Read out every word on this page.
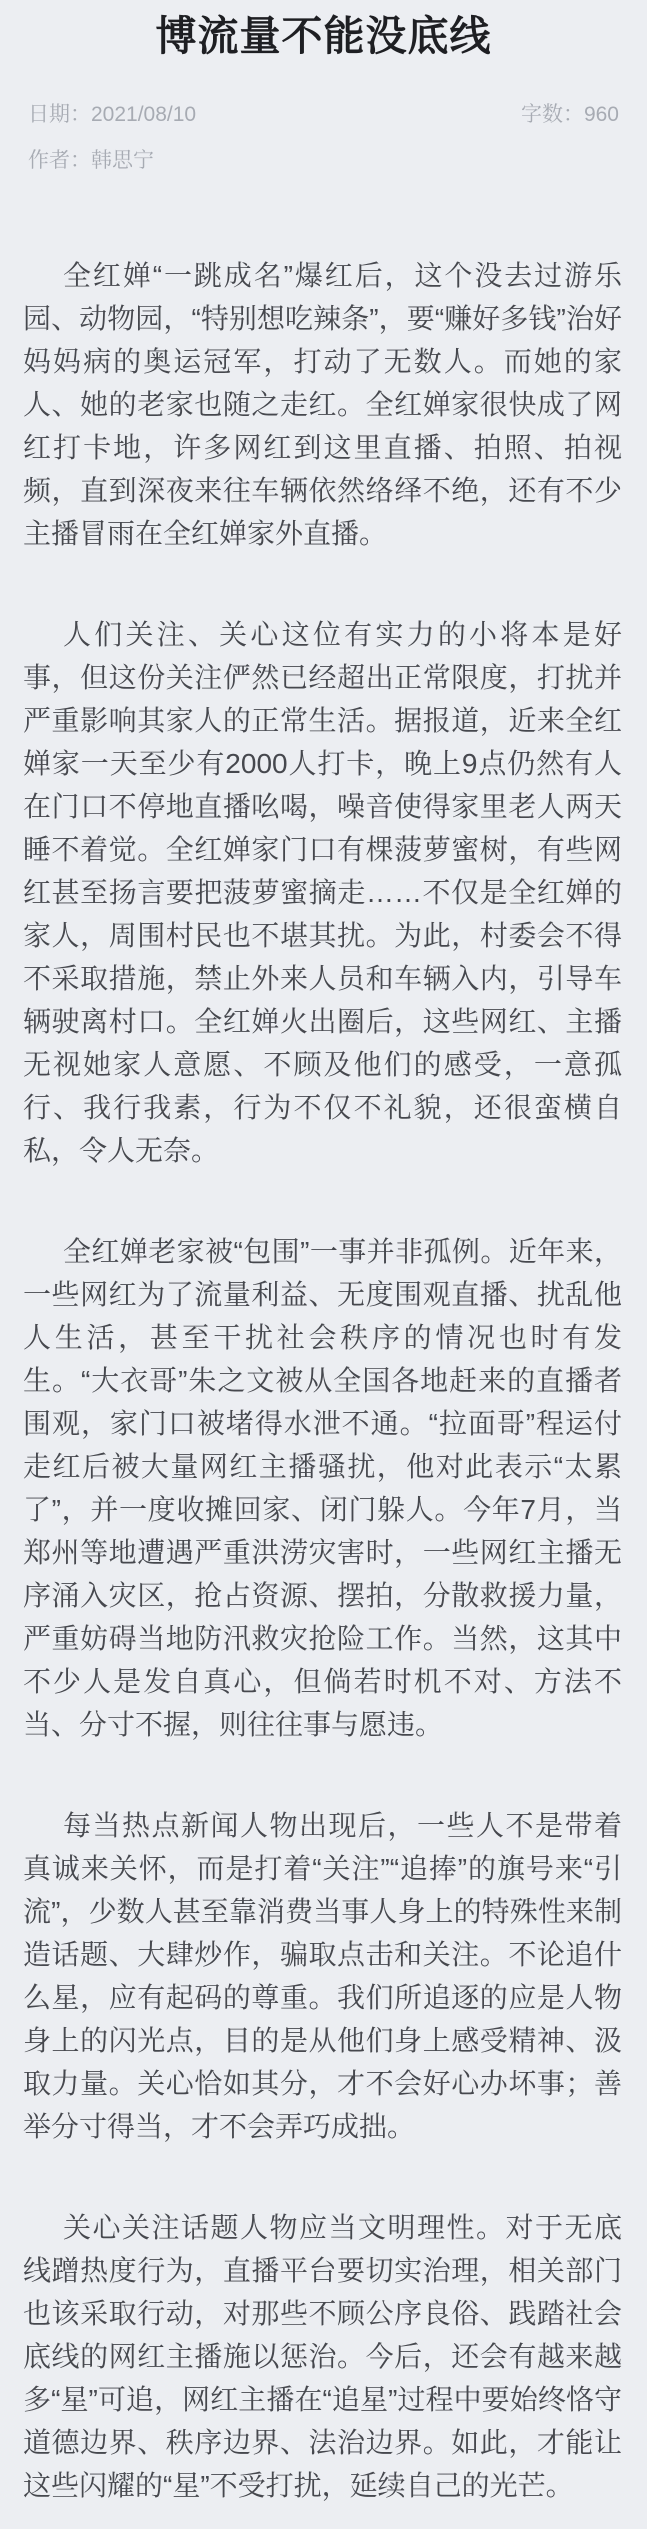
博流量不能没底线
日期：2021/08/10	字数：960
作者：韩思宁

全红婵“一跳成名”爆红后，这个没去过游乐园、动物园，“特别想吃辣条”，要“赚好多钱”治好妈妈病的奥运冠军，打动了无数人。而她的家人、她的老家也随之走红。全红婵家很快成了网红打卡地，许多网红到这里直播、拍照、拍视频，直到深夜来往车辆依然络绎不绝，还有不少主播冒雨在全红婵家外直播。

人们关注、关心这位有实力的小将本是好事，但这份关注俨然已经超出正常限度，打扰并严重影响其家人的正常生活。据报道，近来全红婵家一天至少有2000人打卡，晚上9点仍然有人在门口不停地直播吆喝，噪音使得家里老人两天睡不着觉。全红婵家门口有棵菠萝蜜树，有些网红甚至扬言要把菠萝蜜摘走……不仅是全红婵的家人，周围村民也不堪其扰。为此，村委会不得不采取措施，禁止外来人员和车辆入内，引导车辆驶离村口。全红婵火出圈后，这些网红、主播无视她家人意愿、不顾及他们的感受，一意孤行、我行我素，行为不仅不礼貌，还很蛮横自私，令人无奈。

全红婵老家被“包围”一事并非孤例。近年来，一些网红为了流量利益、无度围观直播、扰乱他人生活，甚至干扰社会秩序的情况也时有发生。“大衣哥”朱之文被从全国各地赶来的直播者围观，家门口被堵得水泄不通。“拉面哥”程运付走红后被大量网红主播骚扰，他对此表示“太累了”，并一度收摊回家、闭门躲人。今年7月，当郑州等地遭遇严重洪涝灾害时，一些网红主播无序涌入灾区，抢占资源、摆拍，分散救援力量，严重妨碍当地防汛救灾抢险工作。当然，这其中不少人是发自真心，但倘若时机不对、方法不当、分寸不握，则往往事与愿违。

每当热点新闻人物出现后，一些人不是带着真诚来关怀，而是打着“关注”“追捧”的旗号来“引流”，少数人甚至靠消费当事人身上的特殊性来制造话题、大肆炒作，骗取点击和关注。不论追什么星，应有起码的尊重。我们所追逐的应是人物身上的闪光点，目的是从他们身上感受精神、汲取力量。关心恰如其分，才不会好心办坏事；善举分寸得当，才不会弄巧成拙。

关心关注话题人物应当文明理性。对于无底线蹭热度行为，直播平台要切实治理，相关部门也该采取行动，对那些不顾公序良俗、践踏社会底线的网红主播施以惩治。今后，还会有越来越多“星”可追，网红主播在“追星”过程中要始终恪守道德边界、秩序边界、法治边界。如此，才能让这些闪耀的“星”不受打扰，延续自己的光芒。
